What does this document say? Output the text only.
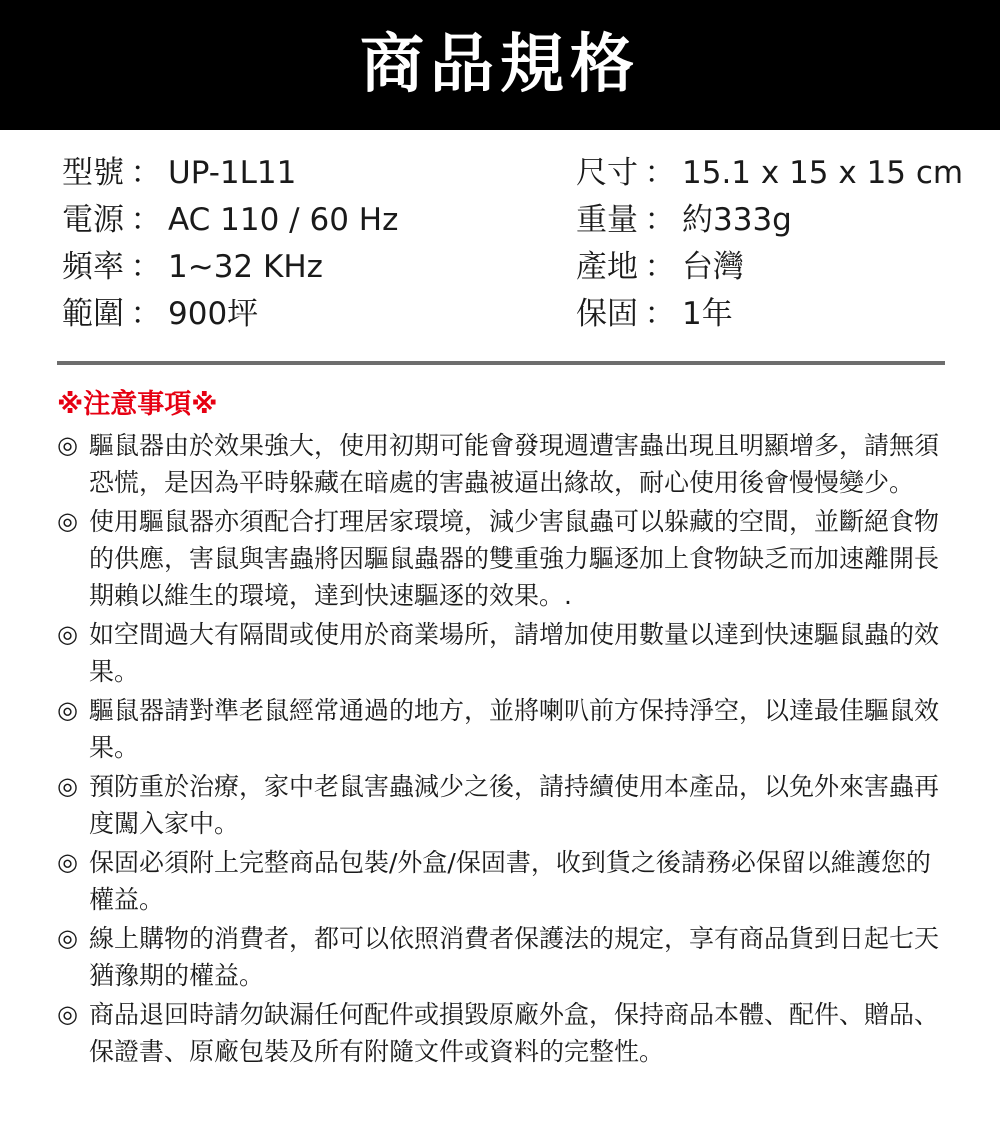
商品規格
型號 ： UP-1L11
電源 ： AC 110 / 60 Hz
頻率 ： 1~32 KHz
範圍 ： 900坪
尺寸 ： 15.1 x 15 x 15 cm
重量 ： 約333g
產地 ： 台灣
保固 ： 1年
※注意事項※
◎ 驅鼠器由於效果強大，使用初期可能會發現週遭害蟲出現且明顯增多，請無須恐慌，是因為平時躲藏在暗處的害蟲被逼出緣故，耐心使用後會慢慢變少。
◎ 使用驅鼠器亦須配合打理居家環境，減少害鼠蟲可以躲藏的空間，並斷絕食物的供應，害鼠與害蟲將因驅鼠蟲器的雙重強力驅逐加上食物缺乏而加速離開長期賴以維生的環境，達到快速驅逐的效果。.
◎ 如空間過大有隔間或使用於商業場所，請增加使用數量以達到快速驅鼠蟲的效果。
◎ 驅鼠器請對準老鼠經常通過的地方，並將喇叭前方保持淨空，以達最佳驅鼠效果。
◎ 預防重於治療，家中老鼠害蟲減少之後，請持續使用本產品，以免外來害蟲再度闖入家中。
◎ 保固必須附上完整商品包裝/外盒/保固書，收到貨之後請務必保留以維護您的權益。
◎ 線上購物的消費者，都可以依照消費者保護法的規定，享有商品貨到日起七天猶豫期的權益。
◎ 商品退回時請勿缺漏任何配件或損毀原廠外盒，保持商品本體、配件、贈品、保證書、原廠包裝及所有附隨文件或資料的完整性。
